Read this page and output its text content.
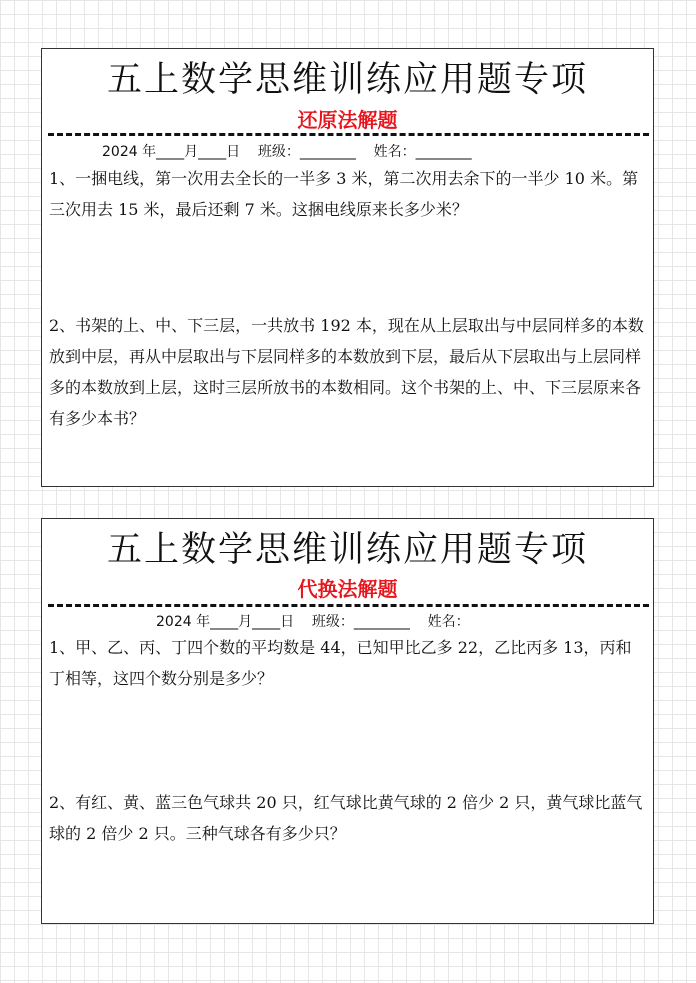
五上数学思维训练应用题专项
还原法解题
2024 年____月____日    班级：________    姓名：________
1、一捆电线，第一次用去全长的一半多 3 米，第二次用去余下的一半少 10 米。第三次用去 15 米，最后还剩 7 米。这捆电线原来长多少米？
2、书架的上、中、下三层，一共放书 192 本，现在从上层取出与中层同样多的本数放到中层，再从中层取出与下层同样多的本数放到下层，最后从下层取出与上层同样多的本数放到上层，这时三层所放书的本数相同。这个书架的上、中、下三层原来各有多少本书？
五上数学思维训练应用题专项
代换法解题
2024 年____月____日    班级：________    姓名：
1、甲、乙、丙、丁四个数的平均数是 44，已知甲比乙多 22，乙比丙多 13，丙和丁相等，这四个数分别是多少？
2、有红、黄、蓝三色气球共 20 只，红气球比黄气球的 2 倍少 2 只，黄气球比蓝气球的 2 倍少 2 只。三种气球各有多少只？
